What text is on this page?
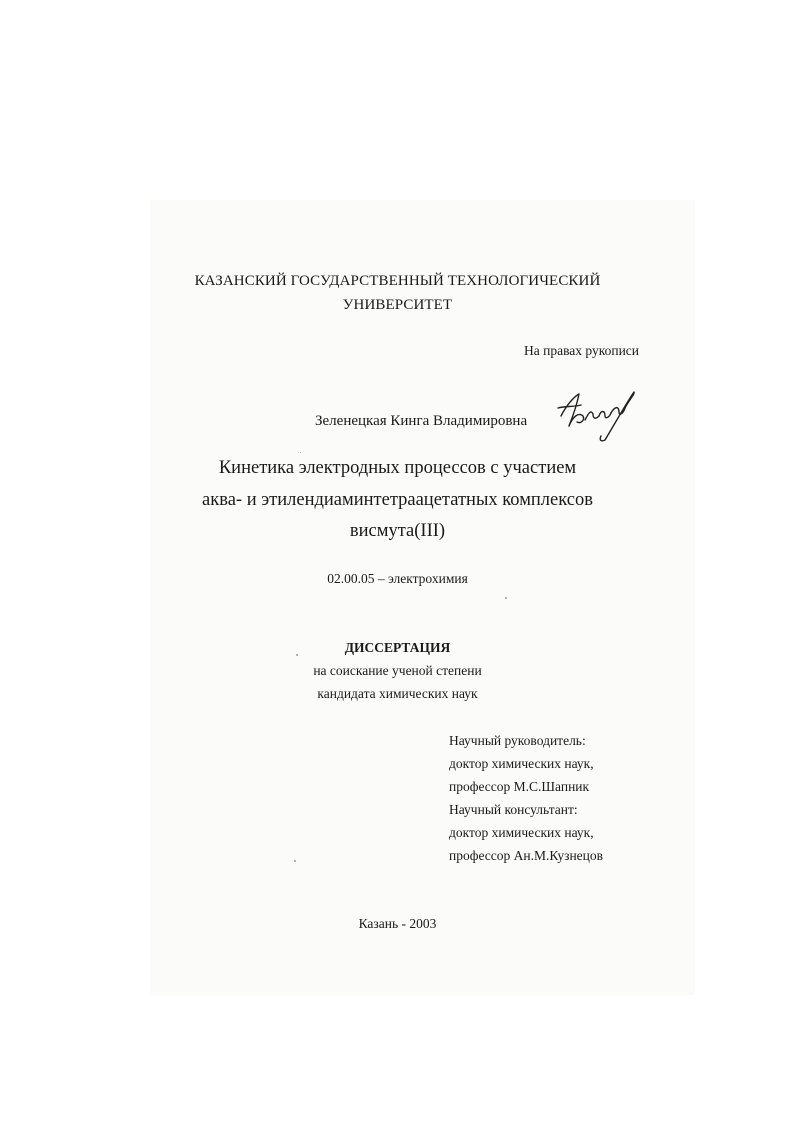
КАЗАНСКИЙ ГОСУДАРСТВЕННЫЙ ТЕХНОЛОГИЧЕСКИЙ
УНИВЕРСИТЕТ
На правах рукописи
Зеленецкая Кинга Владимировна
Кинетика электродных процессов с участием
аква- и этилендиаминтетраацетатных комплексов
висмута(III)
02.00.05 – электрохимия
ДИССЕРТАЦИЯ
на соискание ученой степени
кандидата химических наук
Научный руководитель:
доктор химических наук,
профессор М.С.Шапник
Научный консультант:
доктор химических наук,
профессор Ан.М.Кузнецов
Казань - 2003
